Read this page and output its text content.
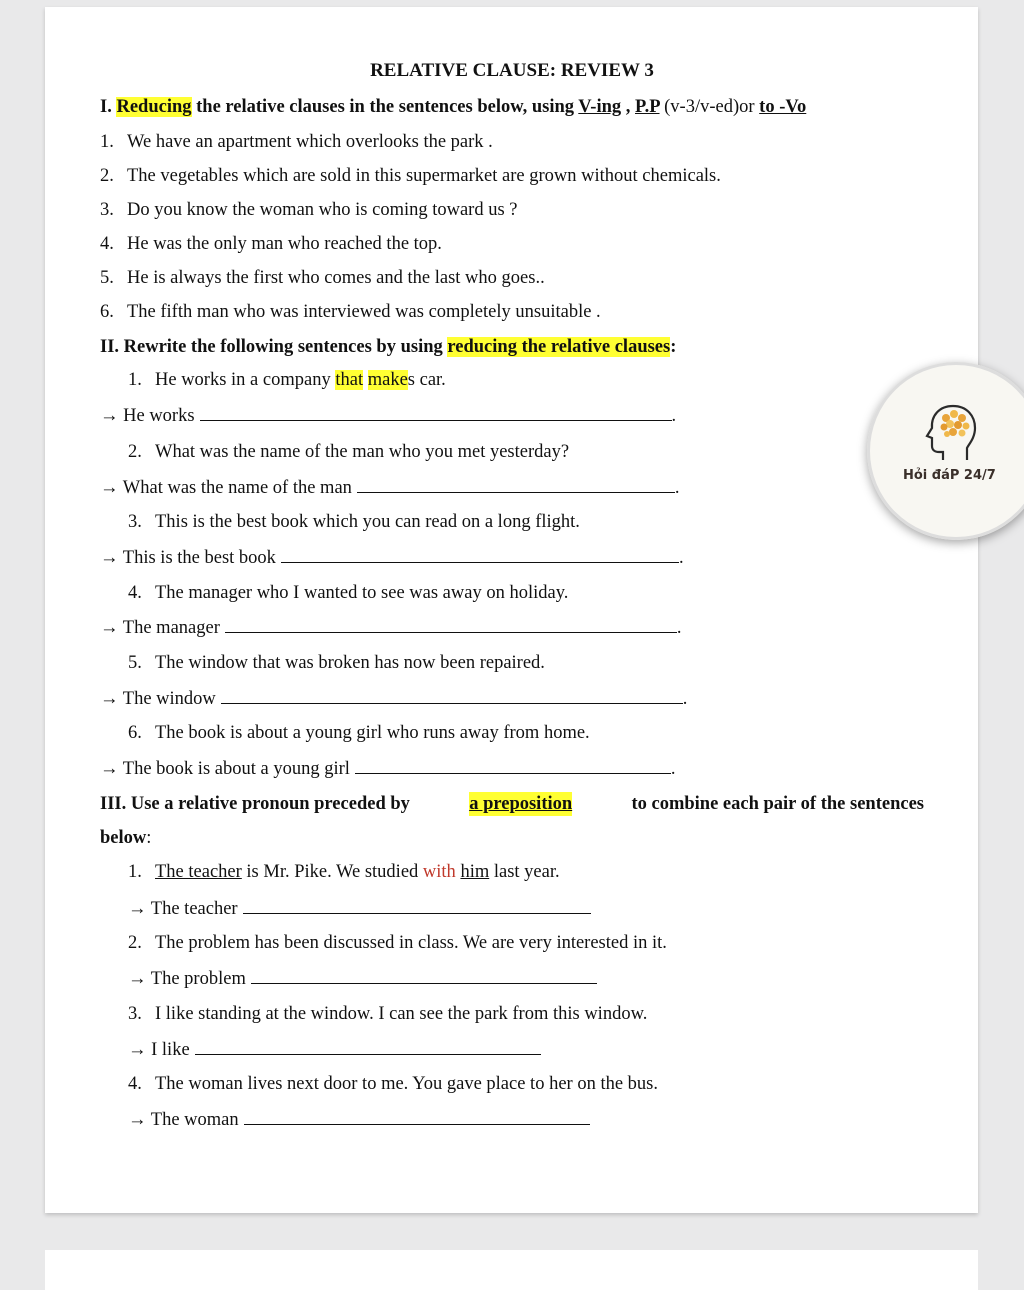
RELATIVE CLAUSE: REVIEW 3
I. Reducing the relative clauses in the sentences below, using V-ing , P.P (v-3/v-ed)or to -Vo
1. We have an apartment which overlooks the park .
2. The vegetables which are sold in this supermarket are grown without chemicals.
3. Do you know the woman who is coming toward us ?
4. He was the only man who reached the top.
5. He is always the first who comes and the last who goes..
6. The fifth man who was interviewed was completely unsuitable .
II. Rewrite the following sentences by using reducing the relative clauses:
1. He works in a company that makes car.
→ He works	.
2. What was the name of the man who you met yesterday?
→ What was the name of the man	.
3. This is the best book which you can read on a long flight.
→ This is the best book	.
4. The manager who I wanted to see was away on holiday.
→ The manager	.
5. The window that was broken has now been repaired.
→ The window	.
6. The book is about a young girl who runs away from home.
→ The book is about a young girl	.
III. Use a relative pronoun preceded by	a preposition	to combine each pair of the sentences
below:
1. The teacher is Mr. Pike. We studied with him last year.
→ The teacher
2. The problem has been discussed in class. We are very interested in it.
→ The problem
3. I like standing at the window. I can see the park from this window.
→ I like
4. The woman lives next door to me. You gave place to her on the bus.
→ The woman
Hỏi đáP 24/7
